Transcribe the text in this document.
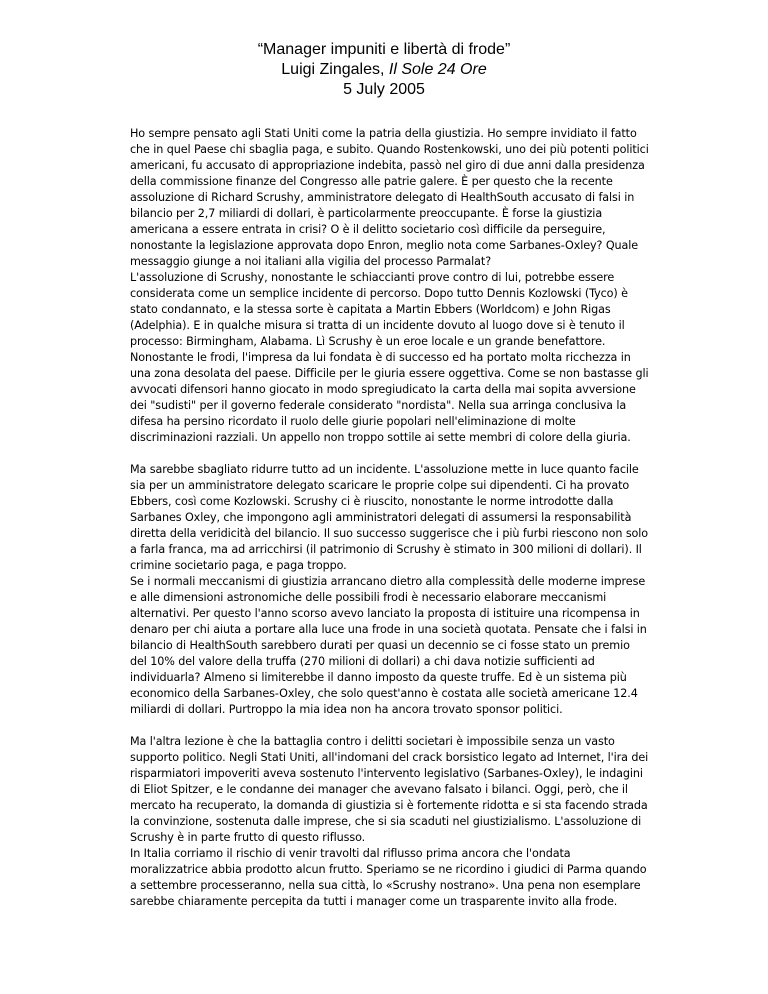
“Manager impuniti e libertà di frode”
Luigi Zingales, Il Sole 24 Ore
5 July 2005

Ho sempre pensato agli Stati Uniti come la patria della giustizia. Ho sempre invidiato il fatto che in quel Paese chi sbaglia paga, e subito. Quando Rostenkowski, uno dei più potenti politici americani, fu accusato di appropriazione indebita, passò nel giro di due anni dalla presidenza della commissione finanze del Congresso alle patrie galere. È per questo che la recente assoluzione di Richard Scrushy, amministratore delegato di HealthSouth accusato di falsi in bilancio per 2,7 miliardi di dollari, è particolarmente preoccupante. È forse la giustizia americana a essere entrata in crisi? O è il delitto societario così difficile da perseguire, nonostante la legislazione approvata dopo Enron, meglio nota come Sarbanes-Oxley? Quale messaggio giunge a noi italiani alla vigilia del processo Parmalat?
L'assoluzione di Scrushy, nonostante le schiaccianti prove contro di lui, potrebbe essere considerata come un semplice incidente di percorso. Dopo tutto Dennis Kozlowski (Tyco) è stato condannato, e la stessa sorte è capitata a Martin Ebbers (Worldcom) e John Rigas (Adelphia). E in qualche misura si tratta di un incidente dovuto al luogo dove si è tenuto il processo: Birmingham, Alabama. Lì Scrushy è un eroe locale e un grande benefattore. Nonostante le frodi, l'impresa da lui fondata è di successo ed ha portato molta ricchezza in una zona desolata del paese. Difficile per le giuria essere oggettiva. Come se non bastasse gli avvocati difensori hanno giocato in modo spregiudicato la carta della mai sopita avversione dei "sudisti" per il governo federale considerato "nordista". Nella sua arringa conclusiva la difesa ha persino ricordato il ruolo delle giurie popolari nell'eliminazione di molte discriminazioni razziali. Un appello non troppo sottile ai sette membri di colore della giuria.

Ma sarebbe sbagliato ridurre tutto ad un incidente. L'assoluzione mette in luce quanto facile sia per un amministratore delegato scaricare le proprie colpe sui dipendenti. Ci ha provato Ebbers, così come Kozlowski. Scrushy ci è riuscito, nonostante le norme introdotte dalla Sarbanes Oxley, che impongono agli amministratori delegati di assumersi la responsabilità diretta della veridicità del bilancio. Il suo successo suggerisce che i più furbi riescono non solo a farla franca, ma ad arricchirsi (il patrimonio di Scrushy è stimato in 300 milioni di dollari). Il crimine societario paga, e paga troppo.
Se i normali meccanismi di giustizia arrancano dietro alla complessità delle moderne imprese e alle dimensioni astronomiche delle possibili frodi è necessario elaborare meccanismi alternativi. Per questo l'anno scorso avevo lanciato la proposta di istituire una ricompensa in denaro per chi aiuta a portare alla luce una frode in una società quotata. Pensate che i falsi in bilancio di HealthSouth sarebbero durati per quasi un decennio se ci fosse stato un premio del 10% del valore della truffa (270 milioni di dollari) a chi dava notizie sufficienti ad individuarla? Almeno si limiterebbe il danno imposto da queste truffe. Ed è un sistema più economico della Sarbanes-Oxley, che solo quest'anno è costata alle società americane 12.4 miliardi di dollari. Purtroppo la mia idea non ha ancora trovato sponsor politici.

Ma l'altra lezione è che la battaglia contro i delitti societari è impossibile senza un vasto supporto politico. Negli Stati Uniti, all'indomani del crack borsistico legato ad Internet, l'ira dei risparmiatori impoveriti aveva sostenuto l'intervento legislativo (Sarbanes-Oxley), le indagini di Eliot Spitzer, e le condanne dei manager che avevano falsato i bilanci. Oggi, però, che il mercato ha recuperato, la domanda di giustizia si è fortemente ridotta e si sta facendo strada la convinzione, sostenuta dalle imprese, che si sia scaduti nel giustizialismo. L'assoluzione di Scrushy è in parte frutto di questo riflusso.
In Italia corriamo il rischio di venir travolti dal riflusso prima ancora che l'ondata moralizzatrice abbia prodotto alcun frutto. Speriamo se ne ricordino i giudici di Parma quando a settembre processeranno, nella sua città, lo «Scrushy nostrano». Una pena non esemplare sarebbe chiaramente percepita da tutti i manager come un trasparente invito alla frode.
